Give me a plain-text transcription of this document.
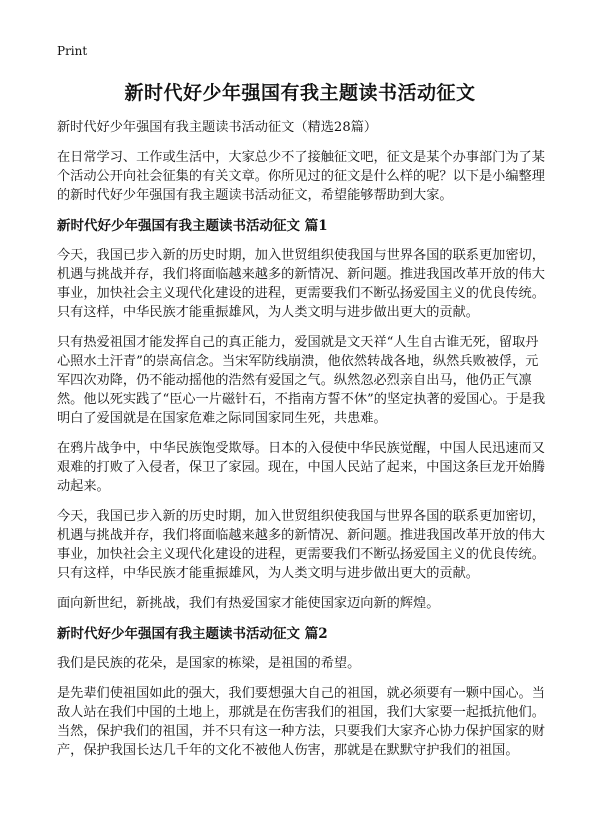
Print
新时代好少年强国有我主题读书活动征文

新时代好少年强国有我主题读书活动征文（精选28篇）

在日常学习、工作或生活中，大家总少不了接触征文吧，征文是某个办事部门为了某个活动公开向社会征集的有关文章。你所见过的征文是什么样的呢？以下是小编整理的新时代好少年强国有我主题读书活动征文，希望能够帮助到大家。

新时代好少年强国有我主题读书活动征文 篇1

今天，我国已步入新的历史时期，加入世贸组织使我国与世界各国的联系更加密切，机遇与挑战并存，我们将面临越来越多的新情况、新问题。推进我国改革开放的伟大事业，加快社会主义现代化建设的进程，更需要我们不断弘扬爱国主义的优良传统。只有这样，中华民族才能重振雄风，为人类文明与进步做出更大的贡献。

只有热爱祖国才能发挥自己的真正能力，爱国就是文天祥“人生自古谁无死，留取丹心照水土汗青”的崇高信念。当宋军防线崩溃，他依然转战各地，纵然兵败被俘，元军四次劝降，仍不能动摇他的浩然有爱国之气。纵然忽必烈亲自出马，他仍正气凛然。他以死实践了“臣心一片磁针石，不指南方誓不休”的坚定执著的爱国心。于是我明白了爱国就是在国家危难之际同国家同生死，共患难。

在鸦片战争中，中华民族饱受欺辱。日本的入侵使中华民族觉醒，中国人民迅速而又艰难的打败了入侵者，保卫了家园。现在，中国人民站了起来，中国这条巨龙开始腾动起来。

今天，我国已步入新的历史时期，加入世贸组织使我国与世界各国的联系更加密切，机遇与挑战并存，我们将面临越来越多的新情况、新问题。推进我国改革开放的伟大事业，加快社会主义现代化建设的进程，更需要我们不断弘扬爱国主义的优良传统。只有这样，中华民族才能重振雄风，为人类文明与进步做出更大的贡献。

面向新世纪，新挑战，我们有热爱国家才能使国家迈向新的辉煌。

新时代好少年强国有我主题读书活动征文 篇2

我们是民族的花朵，是国家的栋梁，是祖国的希望。

是先辈们使祖国如此的强大，我们要想强大自己的祖国，就必须要有一颗中国心。当敌人站在我们中国的土地上，那就是在伤害我们的祖国，我们大家要一起抵抗他们。当然，保护我们的祖国，并不只有这一种方法，只要我们大家齐心协力保护国家的财产，保护我国长达几千年的文化不被他人伤害，那就是在默默守护我们的祖国。
